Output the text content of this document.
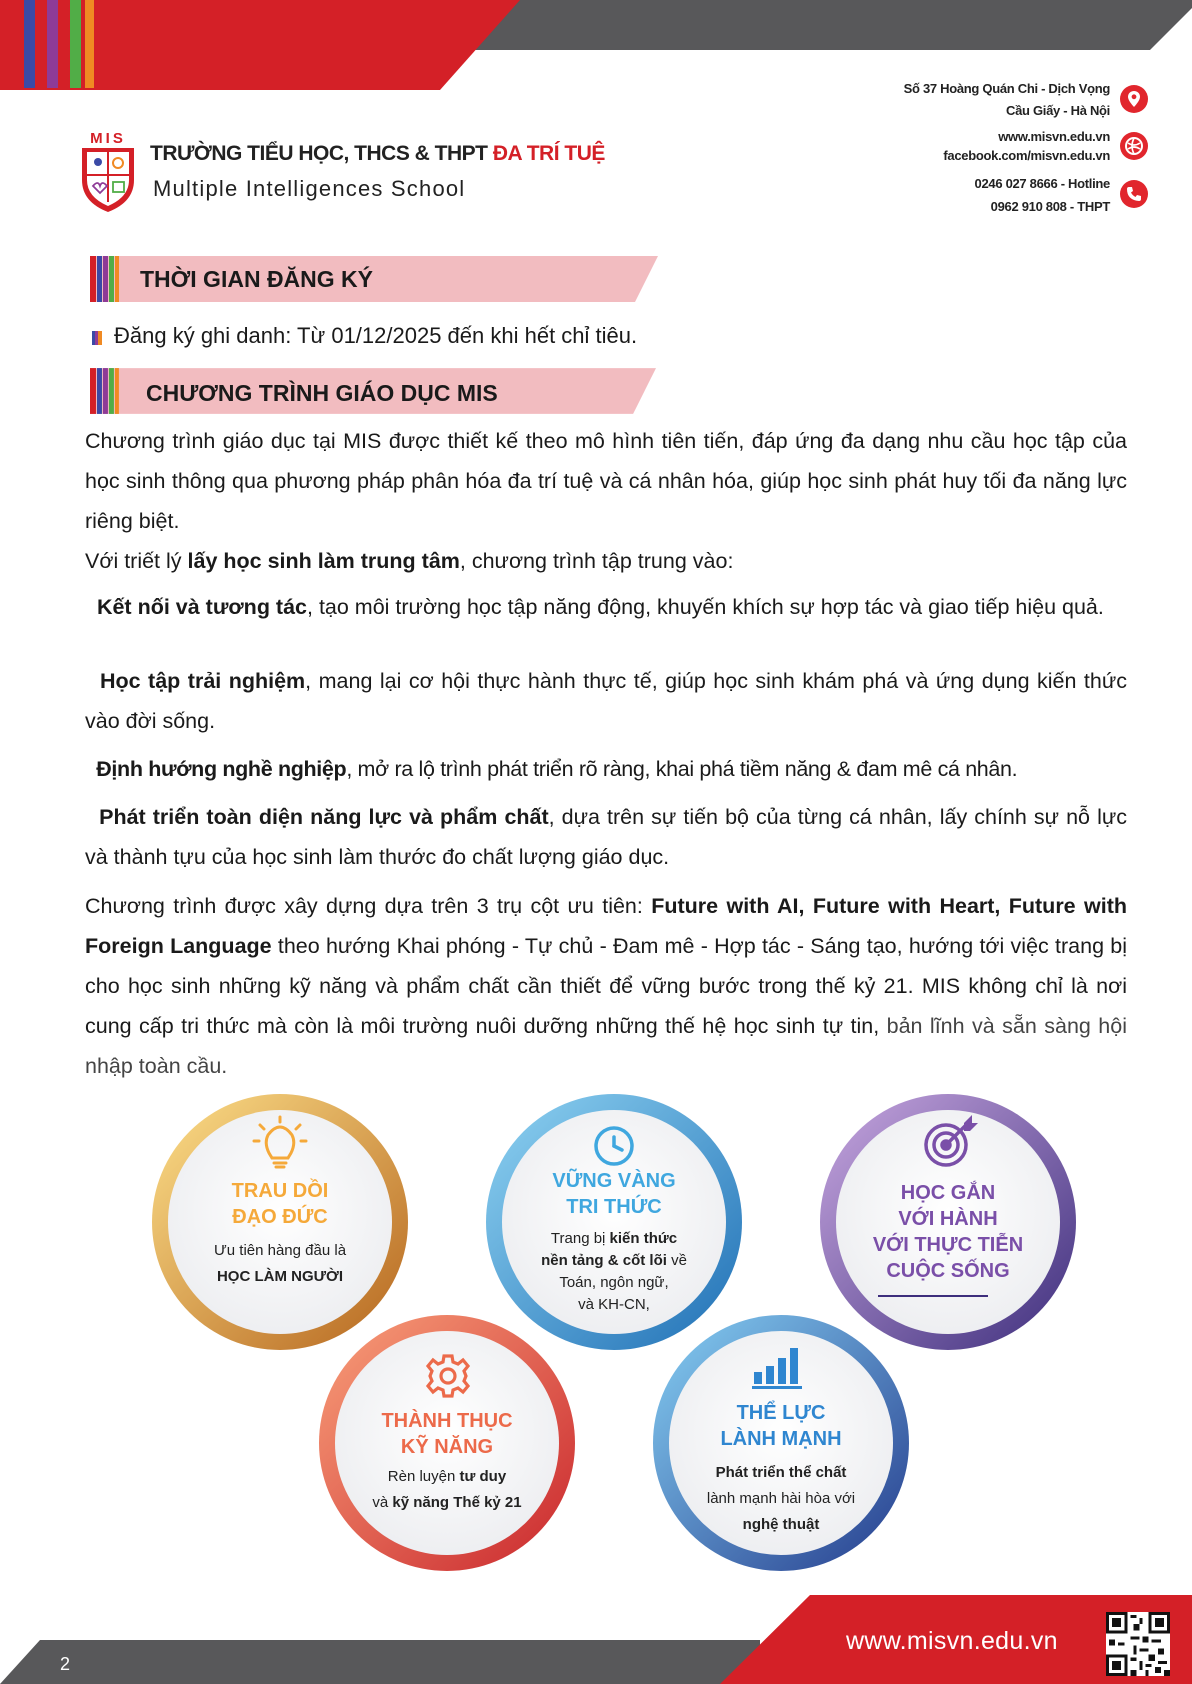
MIS
TRƯỜNG TIỂU HỌC, THCS & THPT ĐA TRÍ TUỆ
Multiple Intelligences School
Số 37 Hoàng Quán Chi - Dịch Vọng
Cầu Giấy - Hà Nội
www.misvn.edu.vn
facebook.com/misvn.edu.vn
0246 027 8666 - Hotline
0962 910 808 - THPT
THỜI GIAN ĐĂNG KÝ
Đăng ký ghi danh: Từ 01/12/2025 đến khi hết chỉ tiêu.
CHƯƠNG TRÌNH GIÁO DỤC MIS
Chương trình giáo dục tại MIS được thiết kế theo mô hình tiên tiến, đáp ứng đa dạng nhu cầu học tập của học sinh thông qua phương pháp phân hóa đa trí tuệ và cá nhân hóa, giúp học sinh phát huy tối đa năng lực riêng biệt.
Với triết lý lấy học sinh làm trung tâm, chương trình tập trung vào:
Kết nối và tương tác, tạo môi trường học tập năng động, khuyến khích sự hợp tác và giao tiếp hiệu quả.
Học tập trải nghiệm, mang lại cơ hội thực hành thực tế, giúp học sinh khám phá và ứng dụng kiến thức vào đời sống.
Định hướng nghề nghiệp, mở ra lộ trình phát triển rõ ràng, khai phá tiềm năng & đam mê cá nhân.
Phát triển toàn diện năng lực và phẩm chất, dựa trên sự tiến bộ của từng cá nhân, lấy chính sự nỗ lực và thành tựu của học sinh làm thước đo chất lượng giáo dục.
Chương trình được xây dựng dựa trên 3 trụ cột ưu tiên: Future with AI, Future with Heart, Future with Foreign Language theo hướng Khai phóng - Tự chủ - Đam mê - Hợp tác - Sáng tạo, hướng tới việc trang bị cho học sinh những kỹ năng và phẩm chất cần thiết để vững bước trong thế kỷ 21. MIS không chỉ là nơi cung cấp tri thức mà còn là môi trường nuôi dưỡng những thế hệ học sinh tự tin, bản lĩnh và sẵn sàng hội nhập toàn cầu.
TRAU DỒI
ĐẠO ĐỨC
Ưu tiên hàng đầu là
HỌC LÀM NGƯỜI
VỮNG VÀNG
TRI THỨC
Trang bị kiến thức
nền tảng & cốt lõi về
Toán, ngôn ngữ,
và KH-CN,
HỌC GẮN
VỚI HÀNH
VỚI THỰC TIỄN
CUỘC SỐNG
THÀNH THỤC
KỸ NĂNG
Rèn luyện tư duy
và kỹ năng Thế kỷ 21
THỂ LỰC
LÀNH MẠNH
Phát triển thể chất
lành mạnh hài hòa với
nghệ thuật
2
www.misvn.edu.vn
